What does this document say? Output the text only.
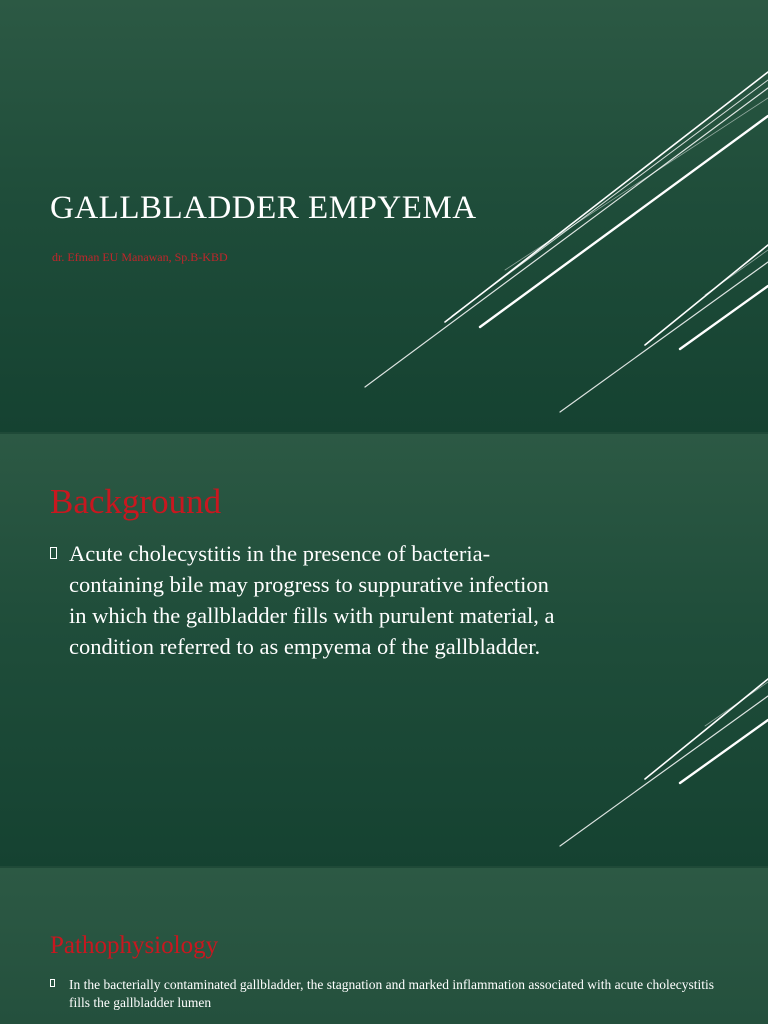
GALLBLADDER EMPYEMA

dr. Efman EU Manawan, Sp.B-KBD

Background
Acute cholecystitis in the presence of bacteria-containing bile may progress to suppurative infection in which the gallbladder fills with purulent material, a condition referred to as empyema of the gallbladder.
Pathophysiology
In the bacterially contaminated gallbladder, the stagnation and marked inflammation associated with acute cholecystitis fills the gallbladder lumen
